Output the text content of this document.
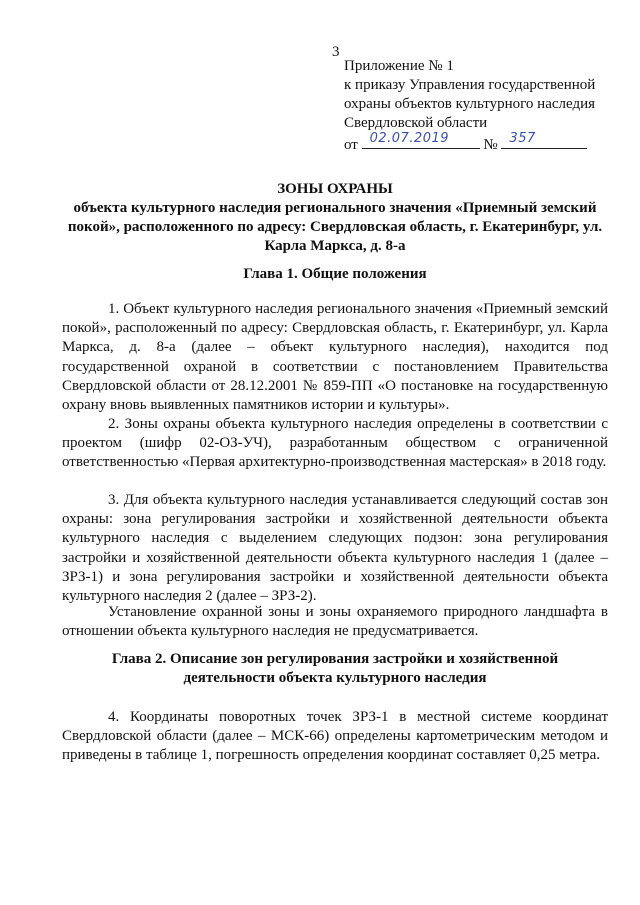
3
Приложение № 1
к приказу Управления государственной
охраны объектов культурного наследия
Свердловской области
от 02.07.2019 № 357
ЗОНЫ ОХРАНЫ
объекта культурного наследия регионального значения «Приемный земский покой», расположенного по адресу: Свердловская область, г. Екатеринбург, ул. Карла Маркса, д. 8-а
Глава 1. Общие положения
1. Объект культурного наследия регионального значения «Приемный земский покой», расположенный по адресу: Свердловская область, г. Екатеринбург, ул. Карла Маркса, д. 8-а (далее – объект культурного наследия), находится под государственной охраной в соответствии с постановлением Правительства Свердловской области от 28.12.2001 № 859-ПП «О постановке на государственную охрану вновь выявленных памятников истории и культуры».
2. Зоны охраны объекта культурного наследия определены в соответствии с проектом (шифр 02-ОЗ-УЧ), разработанным обществом с ограниченной ответственностью «Первая архитектурно-производственная мастерская» в 2018 году.
3. Для объекта культурного наследия устанавливается следующий состав зон охраны: зона регулирования застройки и хозяйственной деятельности объекта культурного наследия с выделением следующих подзон: зона регулирования застройки и хозяйственной деятельности объекта культурного наследия 1 (далее – ЗРЗ-1) и зона регулирования застройки и хозяйственной деятельности объекта культурного наследия 2 (далее – ЗРЗ-2).
Установление охранной зоны и зоны охраняемого природного ландшафта в отношении объекта культурного наследия не предусматривается.
Глава 2. Описание зон регулирования застройки и хозяйственной деятельности объекта культурного наследия
4. Координаты поворотных точек ЗРЗ-1 в местной системе координат Свердловской области (далее – МСК-66) определены картометрическим методом и приведены в таблице 1, погрешность определения координат составляет 0,25 метра.
